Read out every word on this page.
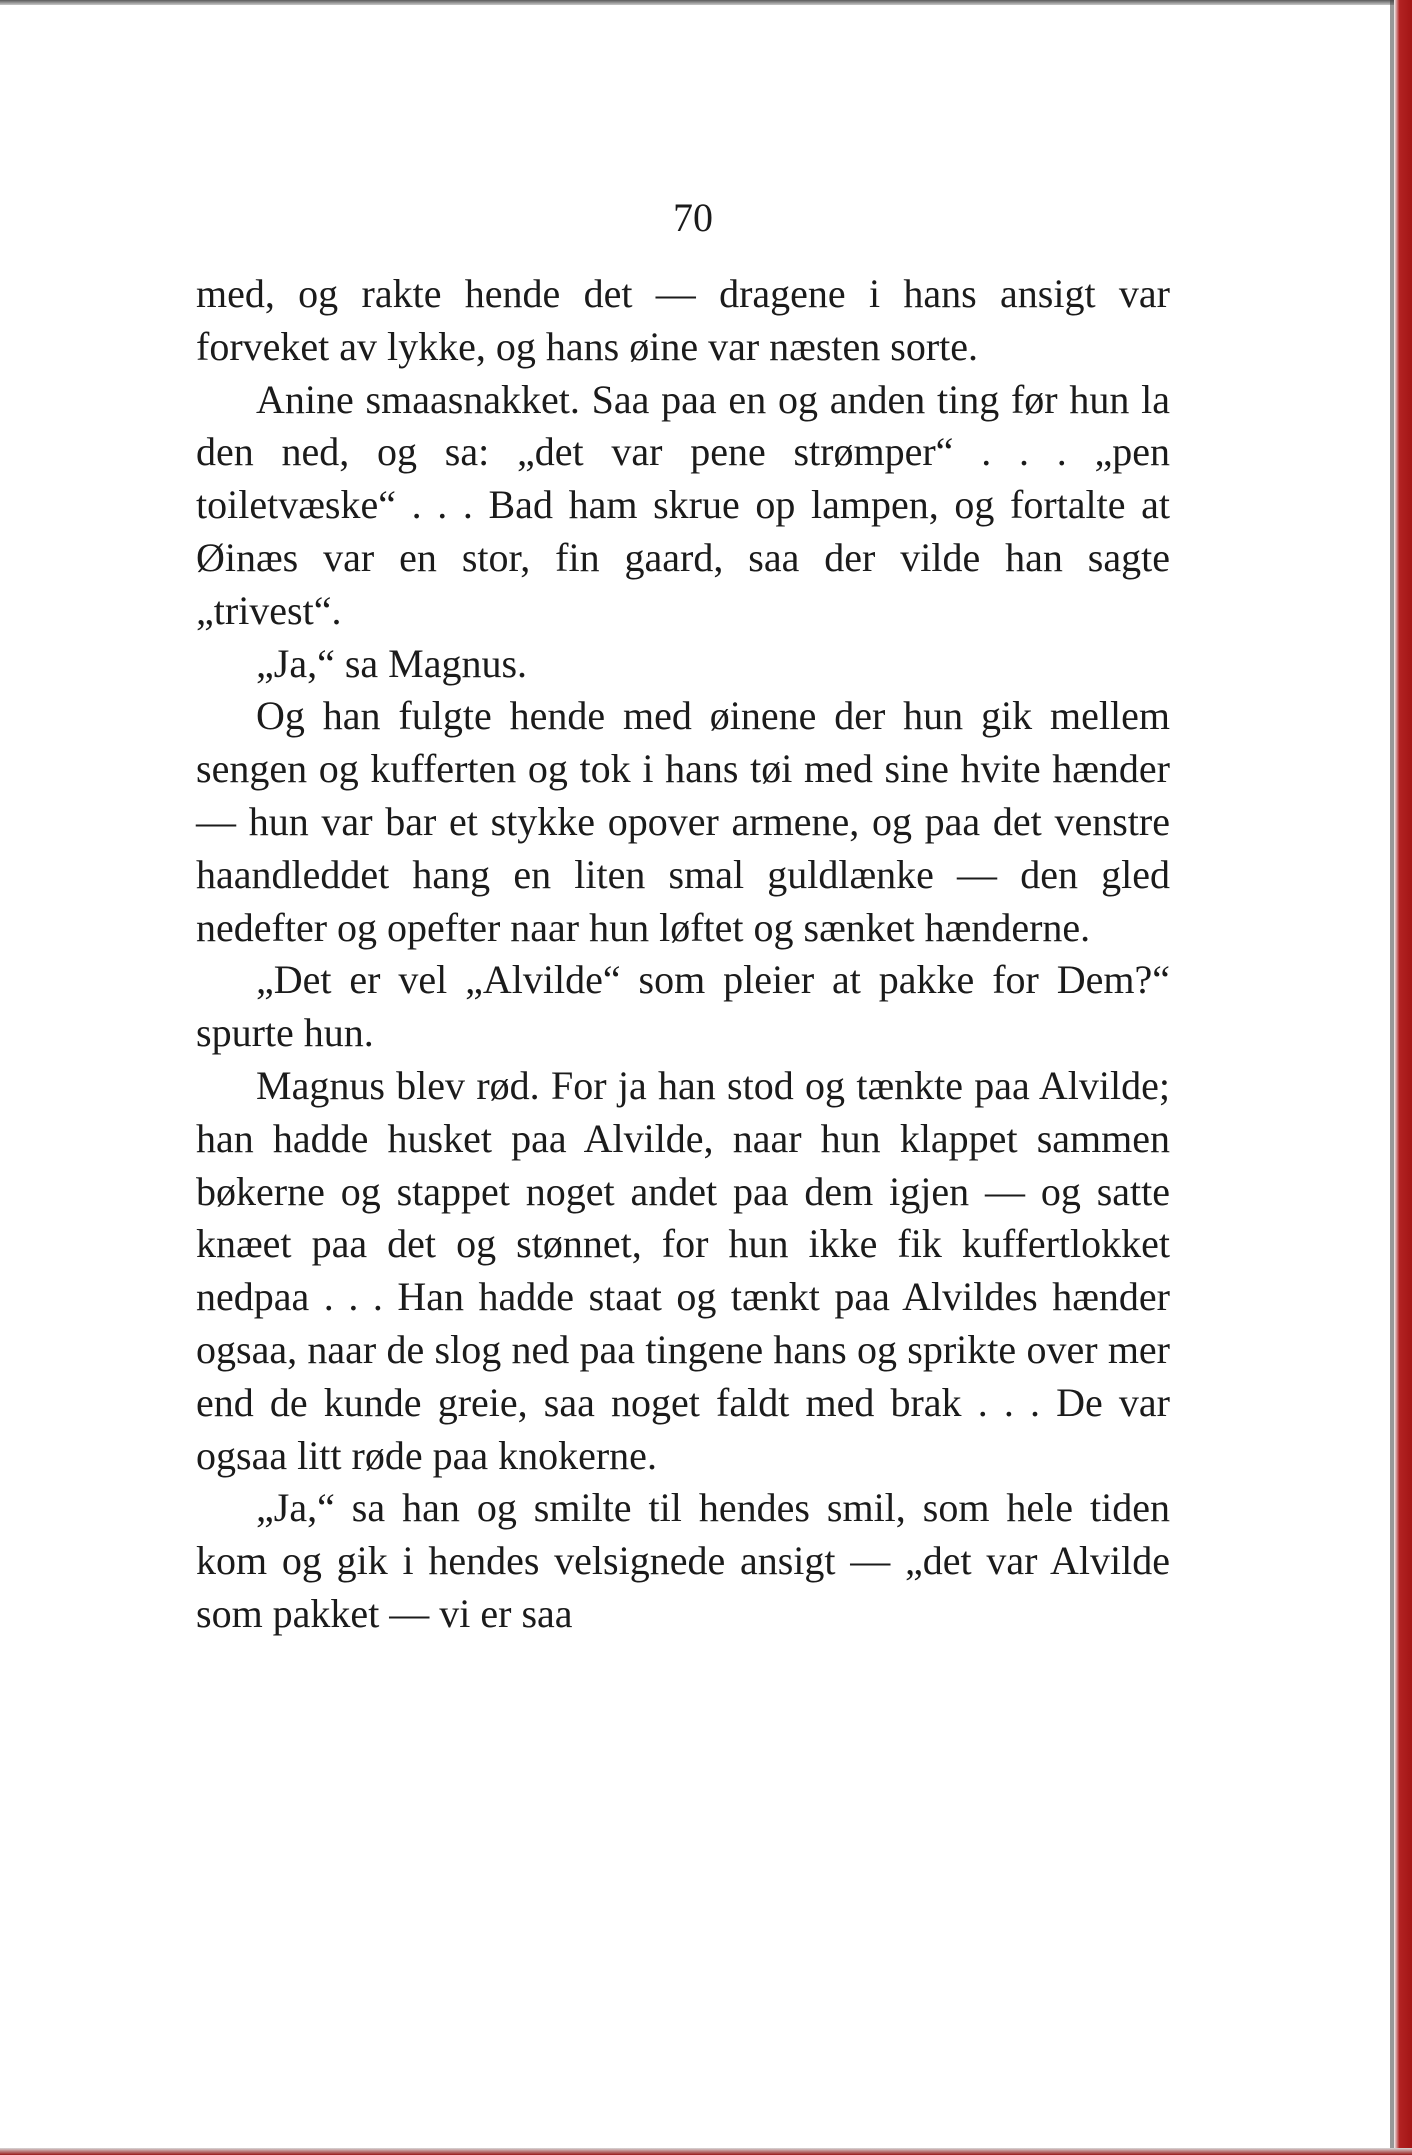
70

med, og rakte hende det — dragene i hans ansigt var forveket av lykke, og hans øine var næsten sorte.

Anine smaasnakket. Saa paa en og anden ting før hun la den ned, og sa: „det var pene strømper“ . . . „pen toiletvæske“ . . . Bad ham skrue op lampen, og fortalte at Øinæs var en stor, fin gaard, saa der vilde han sagte „trivest“.

„Ja,“ sa Magnus.

Og han fulgte hende med øinene der hun gik mellem sengen og kufferten og tok i hans tøi med sine hvite hænder — hun var bar et stykke opover armene, og paa det venstre haandleddet hang en liten smal guldlænke — den gled nedefter og opefter naar hun løftet og sænket hænderne.

„Det er vel „Alvilde“ som pleier at pakke for Dem?“ spurte hun.

Magnus blev rød. For ja han stod og tænkte paa Alvilde; han hadde husket paa Alvilde, naar hun klappet sammen bøkerne og stappet noget andet paa dem igjen — og satte knæet paa det og stønnet, for hun ikke fik kuffertlokket nedpaa . . . Han hadde staat og tænkt paa Alvildes hænder ogsaa, naar de slog ned paa tingene hans og sprikte over mer end de kunde greie, saa noget faldt med brak . . . De var ogsaa litt røde paa knokerne.

„Ja,“ sa han og smilte til hendes smil, som hele tiden kom og gik i hendes velsignede ansigt — „det var Alvilde som pakket — vi er saa
